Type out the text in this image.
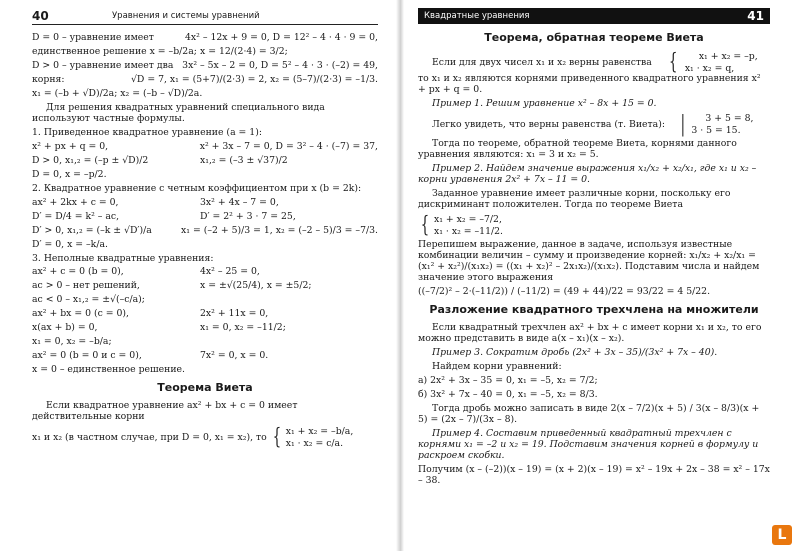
40	Уравнения и системы уравнений
D = 0 – уравнение имеет	4x² – 12x + 9 = 0, D = 12² – 4 · 4 · 9 = 0,
единственное решение x = –b/2a; x = 12/(2·4) = 3/2;
D > 0 – уравнение имеет два 3x² – 5x – 2 = 0, D = 5² – 4 · 3 · (–2) = 49,
корня:	√D = 7, x₁ = (5+7)/(2·3) = 2, x₂ = (5–7)/(2·3) = –1/3.
x₁ = (–b + √D)/2a; x₂ = (–b – √D)/2a.

Для решения квадратных уравнений специального вида используют частные формулы.

1. Приведенное квадратное уравнение (a = 1):
x² + px + q = 0,	x² + 3x – 7 = 0, D = 3² – 4 · (–7) = 37,
D > 0, x₁,₂ = (–p ± √D)/2	x₁,₂ = (–3 ± √37)/2
D = 0, x = –p/2.
2. Квадратное уравнение с четным коэффициентом при x (b = 2k):
ax² + 2kx + c = 0,	3x² + 4x – 7 = 0,
D′ = D/4 = k² – ac,	D′ = 2² + 3 · 7 = 25,
D′ > 0, x₁,₂ = (–k ± √D′)/a	x₁ = (–2 + 5)/3 = 1, x₂ = (–2 – 5)/3 = –7/3.
D′ = 0, x = –k/a.
3. Неполные квадратные уравнения:
ax² + c = 0 (b = 0),	4x² – 25 = 0,
ac > 0 – нет решений,	x = ±√(25/4), x = ±5/2;
ac < 0 – x₁,₂ = ±√(–c/a);
ax² + bx = 0 (c = 0),	2x² + 11x = 0,
x(ax + b) = 0,	x₁ = 0, x₂ = –11/2;
x₁ = 0, x₂ = –b/a;
ax² = 0 (b = 0 и c = 0),	7x² = 0, x = 0.
x = 0 – единственное решение.
Теорема Виета

Если квадратное уравнение ax² + bx + c = 0 имеет действительные корни

x₁ и x₂ (в частном случае, при D = 0, x₁ = x₂), то { x₁ + x₂ = –b/a,
x₁ · x₂ = c/a.
Квадратные уравнения	41
Теорема, обратная теореме Виета
Если для двух чисел x₁ и x₂ верны равенства {	x₁ + x₂ = –p,
x₁ · x₂ = q,
то x₁ и x₂ являются корнями приведенного квадратного уравнения x² + px + q = 0.

Пример 1. Решим уравнение x² – 8x + 15 = 0.

Легко увидеть, что верны равенства (т. Виета): |	3 + 5 = 8,
3 · 5 = 15.

Тогда по теореме, обратной теореме Виета, корнями данного уравнения являются: x₁ = 3 и x₂ = 5.

Пример 2. Найдем значение выражения x₁/x₂ + x₂/x₁, где x₁ и x₂ – корни уравнения 2x² + 7x – 11 = 0.

Заданное уравнение имеет различные корни, поскольку его дискриминант положителен. Тогда по теореме Виета

{ x₁ + x₂ = –7/2,
x₁ · x₂ = –11/2.

Перепишем выражение, данное в задаче, используя известные комбинации величин – сумму и произведение корней: x₁/x₂ + x₂/x₁ = (x₁² + x₂²)/(x₁x₂) = ((x₁ + x₂)² – 2x₁x₂)/(x₁x₂). Подставим числа и найдем значение этого выражения

((–7/2)² – 2·(–11/2)) / (–11/2) = (49 + 44)/22 = 93/22 = 4 5/22.

Разложение квадратного трехчлена на множители

Если квадратный трехчлен ax² + bx + c имеет корни x₁ и x₂, то его можно представить в виде a(x – x₁)(x – x₂).

Пример 3. Сократим дробь (2x² + 3x – 35)/(3x² + 7x – 40).

Найдем корни уравнений:

а) 2x² + 3x – 35 = 0, x₁ = –5, x₂ = 7/2;

б) 3x² + 7x – 40 = 0, x₁ = –5, x₂ = 8/3.

Тогда дробь можно записать в виде 2(x – 7/2)(x + 5) / 3(x – 8/3)(x + 5) = (2x – 7)/(3x – 8).

Пример 4. Составим приведенный квадратный трехчлен с корнями x₁ = –2 и x₂ = 19. Подставим значения корней в формулу и раскроем скобки.

Получим (x – (–2))(x – 19) = (x + 2)(x – 19) = x² – 19x + 2x – 38 = x² – 17x – 38.

L
